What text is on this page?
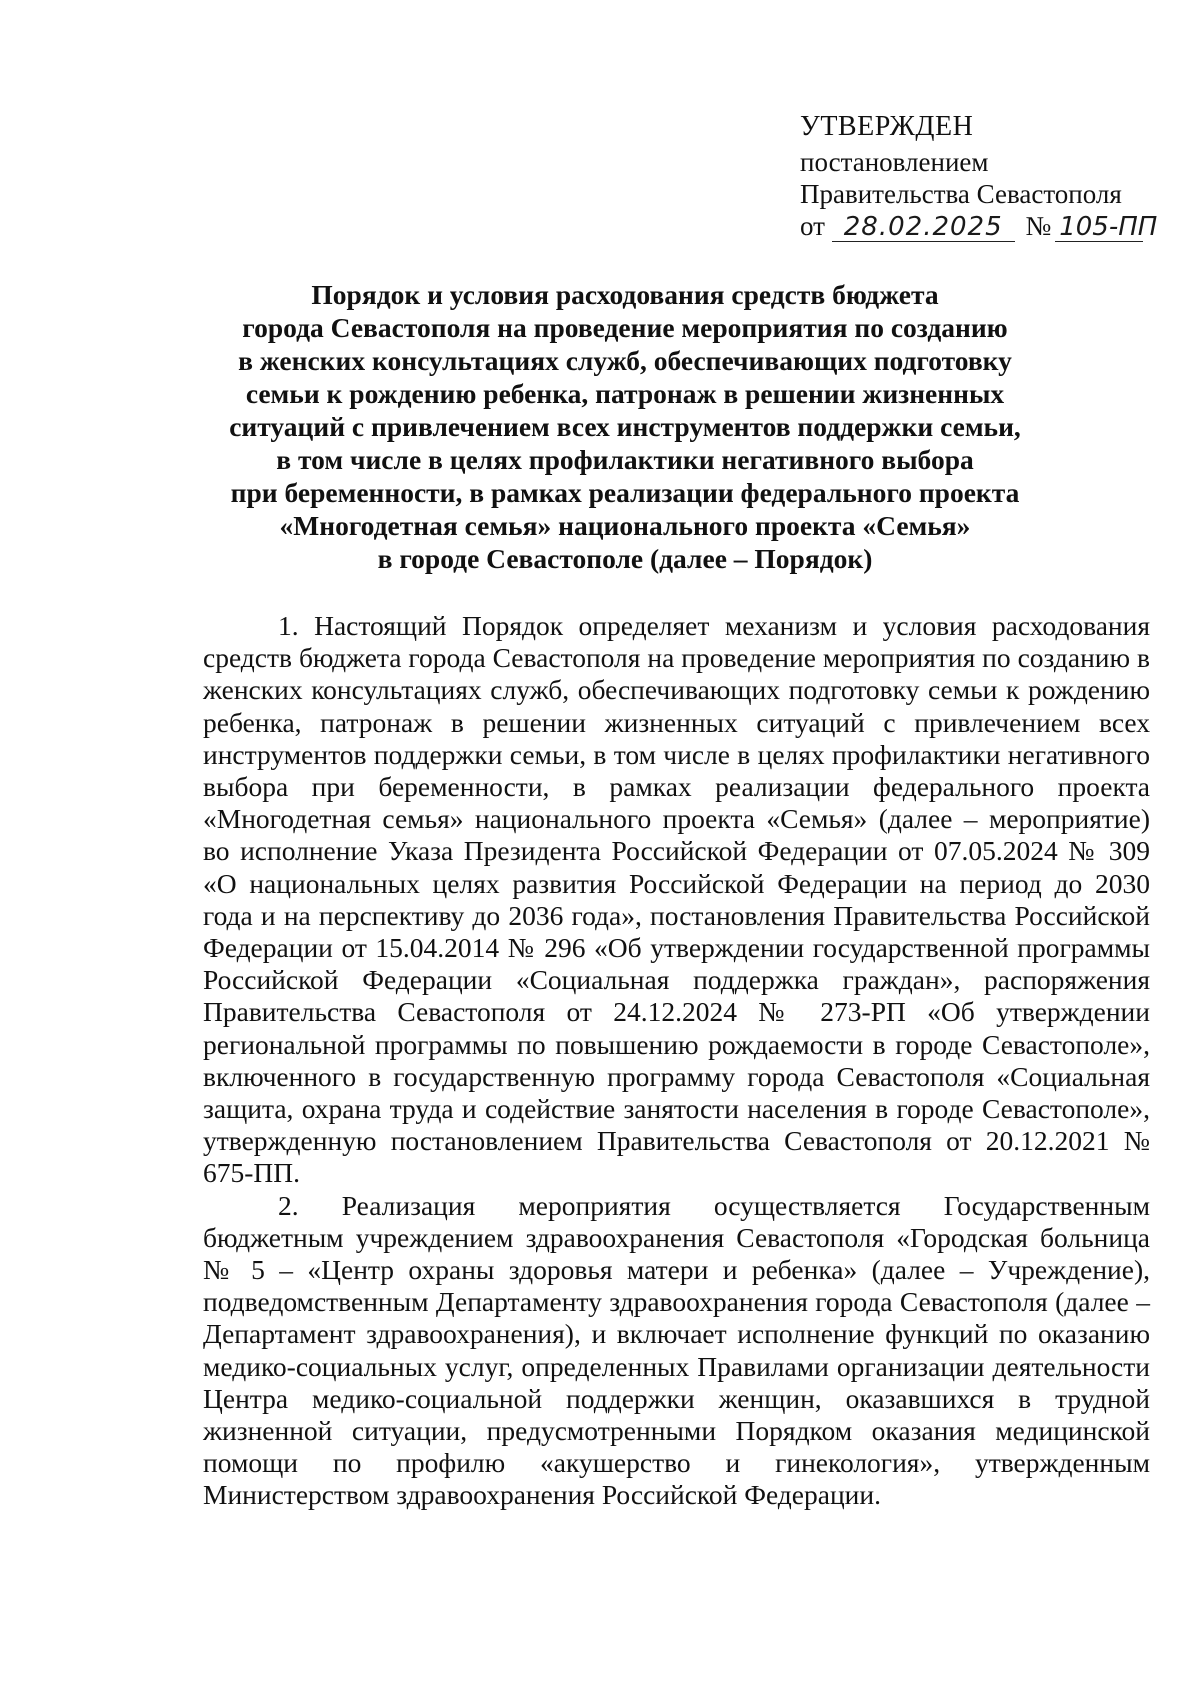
УТВЕРЖДЕН
постановлением
Правительства Севастополя
от 28.02.2025 № 105-ПП
Порядок и условия расходования средств бюджета
города Севастополя на проведение мероприятия по созданию
в женских консультациях служб, обеспечивающих подготовку
семьи к рождению ребенка, патронаж в решении жизненных
ситуаций с привлечением всех инструментов поддержки семьи,
в том числе в целях профилактики негативного выбора
при беременности, в рамках реализации федерального проекта
«Многодетная семья» национального проекта «Семья»
в городе Севастополе (далее – Порядок)

1. Настоящий Порядок определяет механизм и условия расходования средств бюджета города Севастополя на проведение мероприятия по созданию в женских консультациях служб, обеспечивающих подготовку семьи к рождению ребенка, патронаж в решении жизненных ситуаций с привлечением всех инструментов поддержки семьи, в том числе в целях профилактики негативного выбора при беременности, в рамках реализации федерального проекта «Многодетная семья» национального проекта «Семья» (далее – мероприятие) во исполнение Указа Президента Российской Федерации от 07.05.2024 № 309 «О национальных целях развития Российской Федерации на период до 2030 года и на перспективу до 2036 года», постановления Правительства Российской Федерации от 15.04.2014 № 296 «Об утверждении государственной программы Российской Федерации «Социальная поддержка граждан», распоряжения Правительства Севастополя от 24.12.2024 № 273-РП «Об утверждении региональной программы по повышению рождаемости в городе Севастополе», включенного в государственную программу города Севастополя «Социальная защита, охрана труда и содействие занятости населения в городе Севастополе», утвержденную постановлением Правительства Севастополя от 20.12.2021 № 675-ПП.

2. Реализация мероприятия осуществляется Государственным бюджетным учреждением здравоохранения Севастополя «Городская больница № 5 – «Центр охраны здоровья матери и ребенка» (далее – Учреждение), подведомственным Департаменту здравоохранения города Севастополя (далее – Департамент здравоохранения), и включает исполнение функций по оказанию медико-социальных услуг, определенных Правилами организации деятельности Центра медико-социальной поддержки женщин, оказавшихся в трудной жизненной ситуации, предусмотренными Порядком оказания медицинской помощи по профилю «акушерство и гинекология», утвержденным Министерством здравоохранения Российской Федерации.
